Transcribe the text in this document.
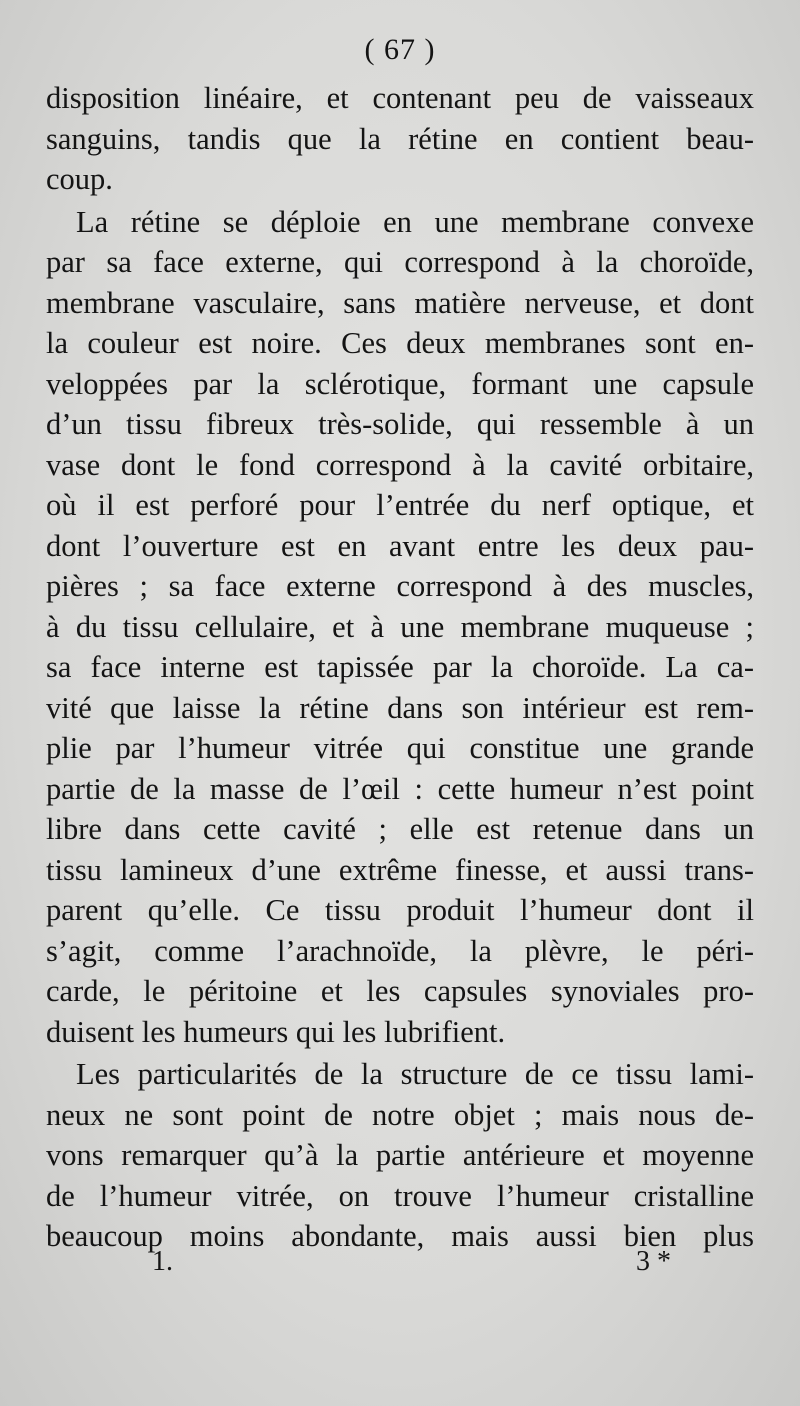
( 67 )
disposition linéaire, et contenant peu de vaisseaux
sanguins, tandis que la rétine en contient beau-
coup.
La rétine se déploie en une membrane convexe
par sa face externe, qui correspond à la choroïde,
membrane vasculaire, sans matière nerveuse, et dont
la couleur est noire. Ces deux membranes sont en-
veloppées par la sclérotique, formant une capsule
d’un tissu fibreux très-solide, qui ressemble à un
vase dont le fond correspond à la cavité orbitaire,
où il est perforé pour l’entrée du nerf optique, et
dont l’ouverture est en avant entre les deux pau-
pières ; sa face externe correspond à des muscles,
à du tissu cellulaire, et à une membrane muqueuse ;
sa face interne est tapissée par la choroïde. La ca-
vité que laisse la rétine dans son intérieur est rem-
plie par l’humeur vitrée qui constitue une grande
partie de la masse de l’œil : cette humeur n’est point
libre dans cette cavité ; elle est retenue dans un
tissu lamineux d’une extrême finesse, et aussi trans-
parent qu’elle. Ce tissu produit l’humeur dont il
s’agit, comme l’arachnoïde, la plèvre, le péri-
carde, le péritoine et les capsules synoviales pro-
duisent les humeurs qui les lubrifient.
Les particularités de la structure de ce tissu lami-
neux ne sont point de notre objet ; mais nous de-
vons remarquer qu’à la partie antérieure et moyenne
de l’humeur vitrée, on trouve l’humeur cristalline
beaucoup moins abondante, mais aussi bien plus
1.	3 *
